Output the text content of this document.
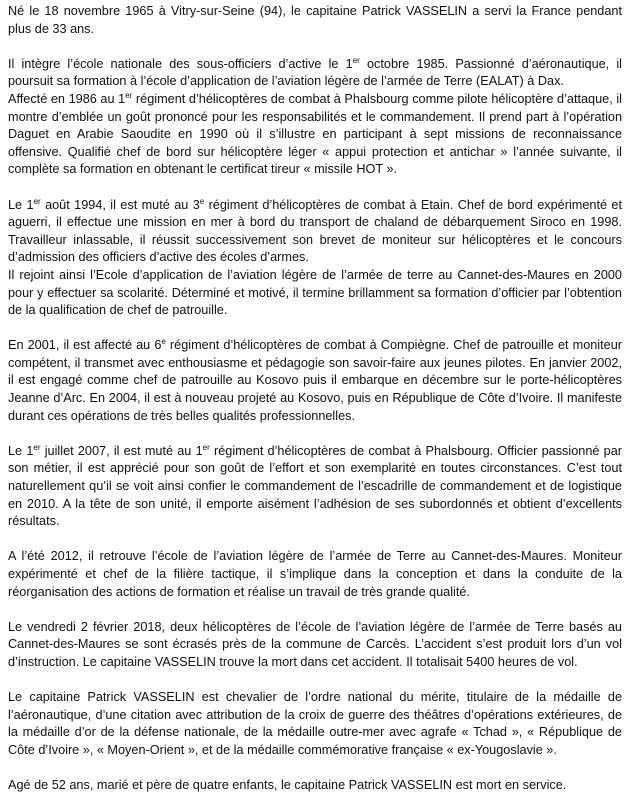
Né le 18 novembre 1965 à Vitry-sur-Seine (94), le capitaine Patrick VASSELIN a servi la France pendant plus de 33 ans.

Il intègre l’école nationale des sous-officiers d’active le 1er octobre 1985. Passionné d’aéronautique, il poursuit sa formation à l’école d’application de l’aviation légère de l’armée de Terre (EALAT) à Dax.
Affecté en 1986 au 1er régiment d’hélicoptères de combat à Phalsbourg comme pilote hélicoptère d’attaque, il montre d’emblée un goût prononcé pour les responsabilités et le commandement. Il prend part à l’opération Daguet en Arabie Saoudite en 1990 où il s’illustre en participant à sept missions de reconnaissance offensive. Qualifié chef de bord sur hélicoptère léger « appui protection et antichar » l’année suivante, il complète sa formation en obtenant le certificat tireur « missile HOT ».

Le 1er août 1994, il est muté au 3e régiment d’hélicoptères de combat à Etain. Chef de bord expérimenté et aguerri, il effectue une mission en mer à bord du transport de chaland de débarquement Siroco en 1998. Travailleur inlassable, il réussit successivement son brevet de moniteur sur hélicoptères et le concours d’admission des officiers d’active des écoles d’armes.
Il rejoint ainsi l’Ecole d’application de l’aviation légère de l’armée de terre au Cannet-des-Maures en 2000 pour y effectuer sa scolarité. Déterminé et motivé, il termine brillamment sa formation d’officier par l’obtention de la qualification de chef de patrouille.

En 2001, il est affecté au 6e régiment d’hélicoptères de combat à Compiègne. Chef de patrouille et moniteur compétent, il transmet avec enthousiasme et pédagogie son savoir-faire aux jeunes pilotes. En janvier 2002, il est engagé comme chef de patrouille au Kosovo puis il embarque en décembre sur le porte-hélicoptères Jeanne d’Arc. En 2004, il est à nouveau projeté au Kosovo, puis en République de Côte d’Ivoire. Il manifeste durant ces opérations de très belles qualités professionnelles.

Le 1er juillet 2007, il est muté au 1er régiment d’hélicoptères de combat à Phalsbourg. Officier passionné par son métier, il est apprécié pour son goût de l’effort et son exemplarité en toutes circonstances. C’est tout naturellement qu’il se voit ainsi confier le commandement de l’escadrille de commandement et de logistique en 2010. A la tête de son unité, il emporte aisément l’adhésion de ses subordonnés et obtient d’excellents résultats.

A l’été 2012, il retrouve l’école de l’aviation légère de l’armée de Terre au Cannet-des-Maures. Moniteur expérimenté et chef de la filière tactique, il s’implique dans la conception et dans la conduite de la réorganisation des actions de formation et réalise un travail de très grande qualité.

Le vendredi 2 février 2018, deux hélicoptères de l’école de l’aviation légère de l’armée de Terre basés au Cannet-des-Maures se sont écrasés près de la commune de Carcès. L’accident s’est produit lors d’un vol d’instruction. Le capitaine VASSELIN trouve la mort dans cet accident. Il totalisait 5400 heures de vol.

Le capitaine Patrick VASSELIN est chevalier de l’ordre national du mérite, titulaire de la médaille de l’aéronautique, d’une citation avec attribution de la croix de guerre des théâtres d’opérations extérieures, de la médaille d’or de la défense nationale, de la médaille outre-mer avec agrafe « Tchad », « République de Côte d’Ivoire », « Moyen-Orient », et de la médaille commémorative française « ex-Yougoslavie ».

Agé de 52 ans, marié et père de quatre enfants, le capitaine Patrick VASSELIN est mort en service.
